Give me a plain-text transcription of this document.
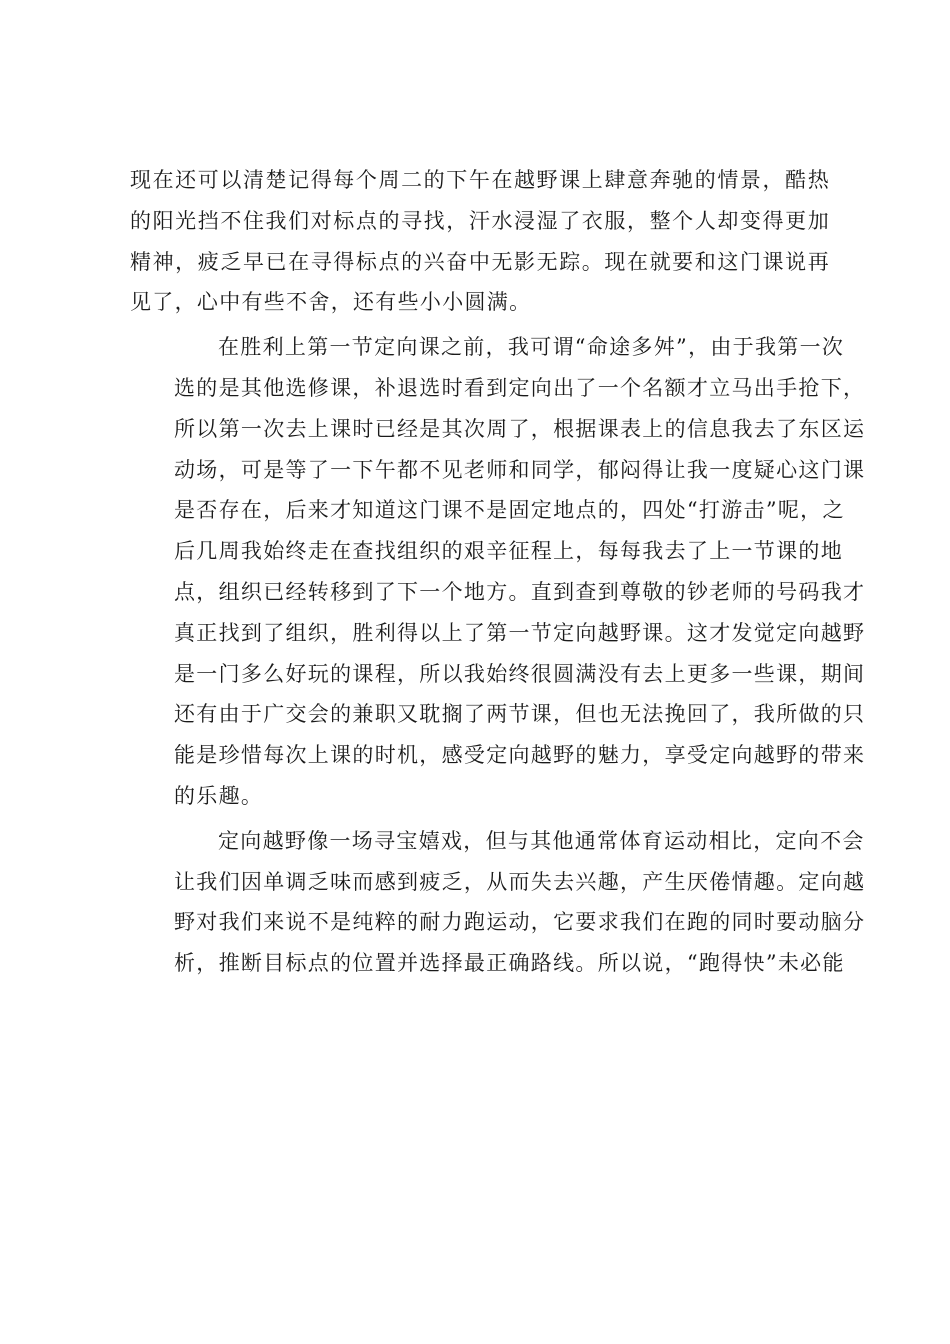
现在还可以清楚记得每个周二的下午在越野课上肆意奔驰的情景，酷热
的阳光挡不住我们对标点的寻找，汗水浸湿了衣服，整个人却变得更加
精神，疲乏早已在寻得标点的兴奋中无影无踪。现在就要和这门课说再
见了，心中有些不舍，还有些小小圆满。
在胜利上第一节定向课之前，我可谓“命途多舛”，由于我第一次
选的是其他选修课，补退选时看到定向出了一个名额才立马出手抢下，
所以第一次去上课时已经是其次周了，根据课表上的信息我去了东区运
动场，可是等了一下午都不见老师和同学，郁闷得让我一度疑心这门课
是否存在，后来才知道这门课不是固定地点的，四处“打游击”呢，之
后几周我始终走在查找组织的艰辛征程上，每每我去了上一节课的地
点，组织已经转移到了下一个地方。直到查到尊敬的钞老师的号码我才
真正找到了组织，胜利得以上了第一节定向越野课。这才发觉定向越野
是一门多么好玩的课程，所以我始终很圆满没有去上更多一些课，期间
还有由于广交会的兼职又耽搁了两节课，但也无法挽回了，我所做的只
能是珍惜每次上课的时机，感受定向越野的魅力，享受定向越野的带来
的乐趣。
定向越野像一场寻宝嬉戏，但与其他通常体育运动相比，定向不会
让我们因单调乏味而感到疲乏，从而失去兴趣，产生厌倦情趣。定向越
野对我们来说不是纯粹的耐力跑运动，它要求我们在跑的同时要动脑分
析，推断目标点的位置并选择最正确路线。所以说，“跑得快”未必能
